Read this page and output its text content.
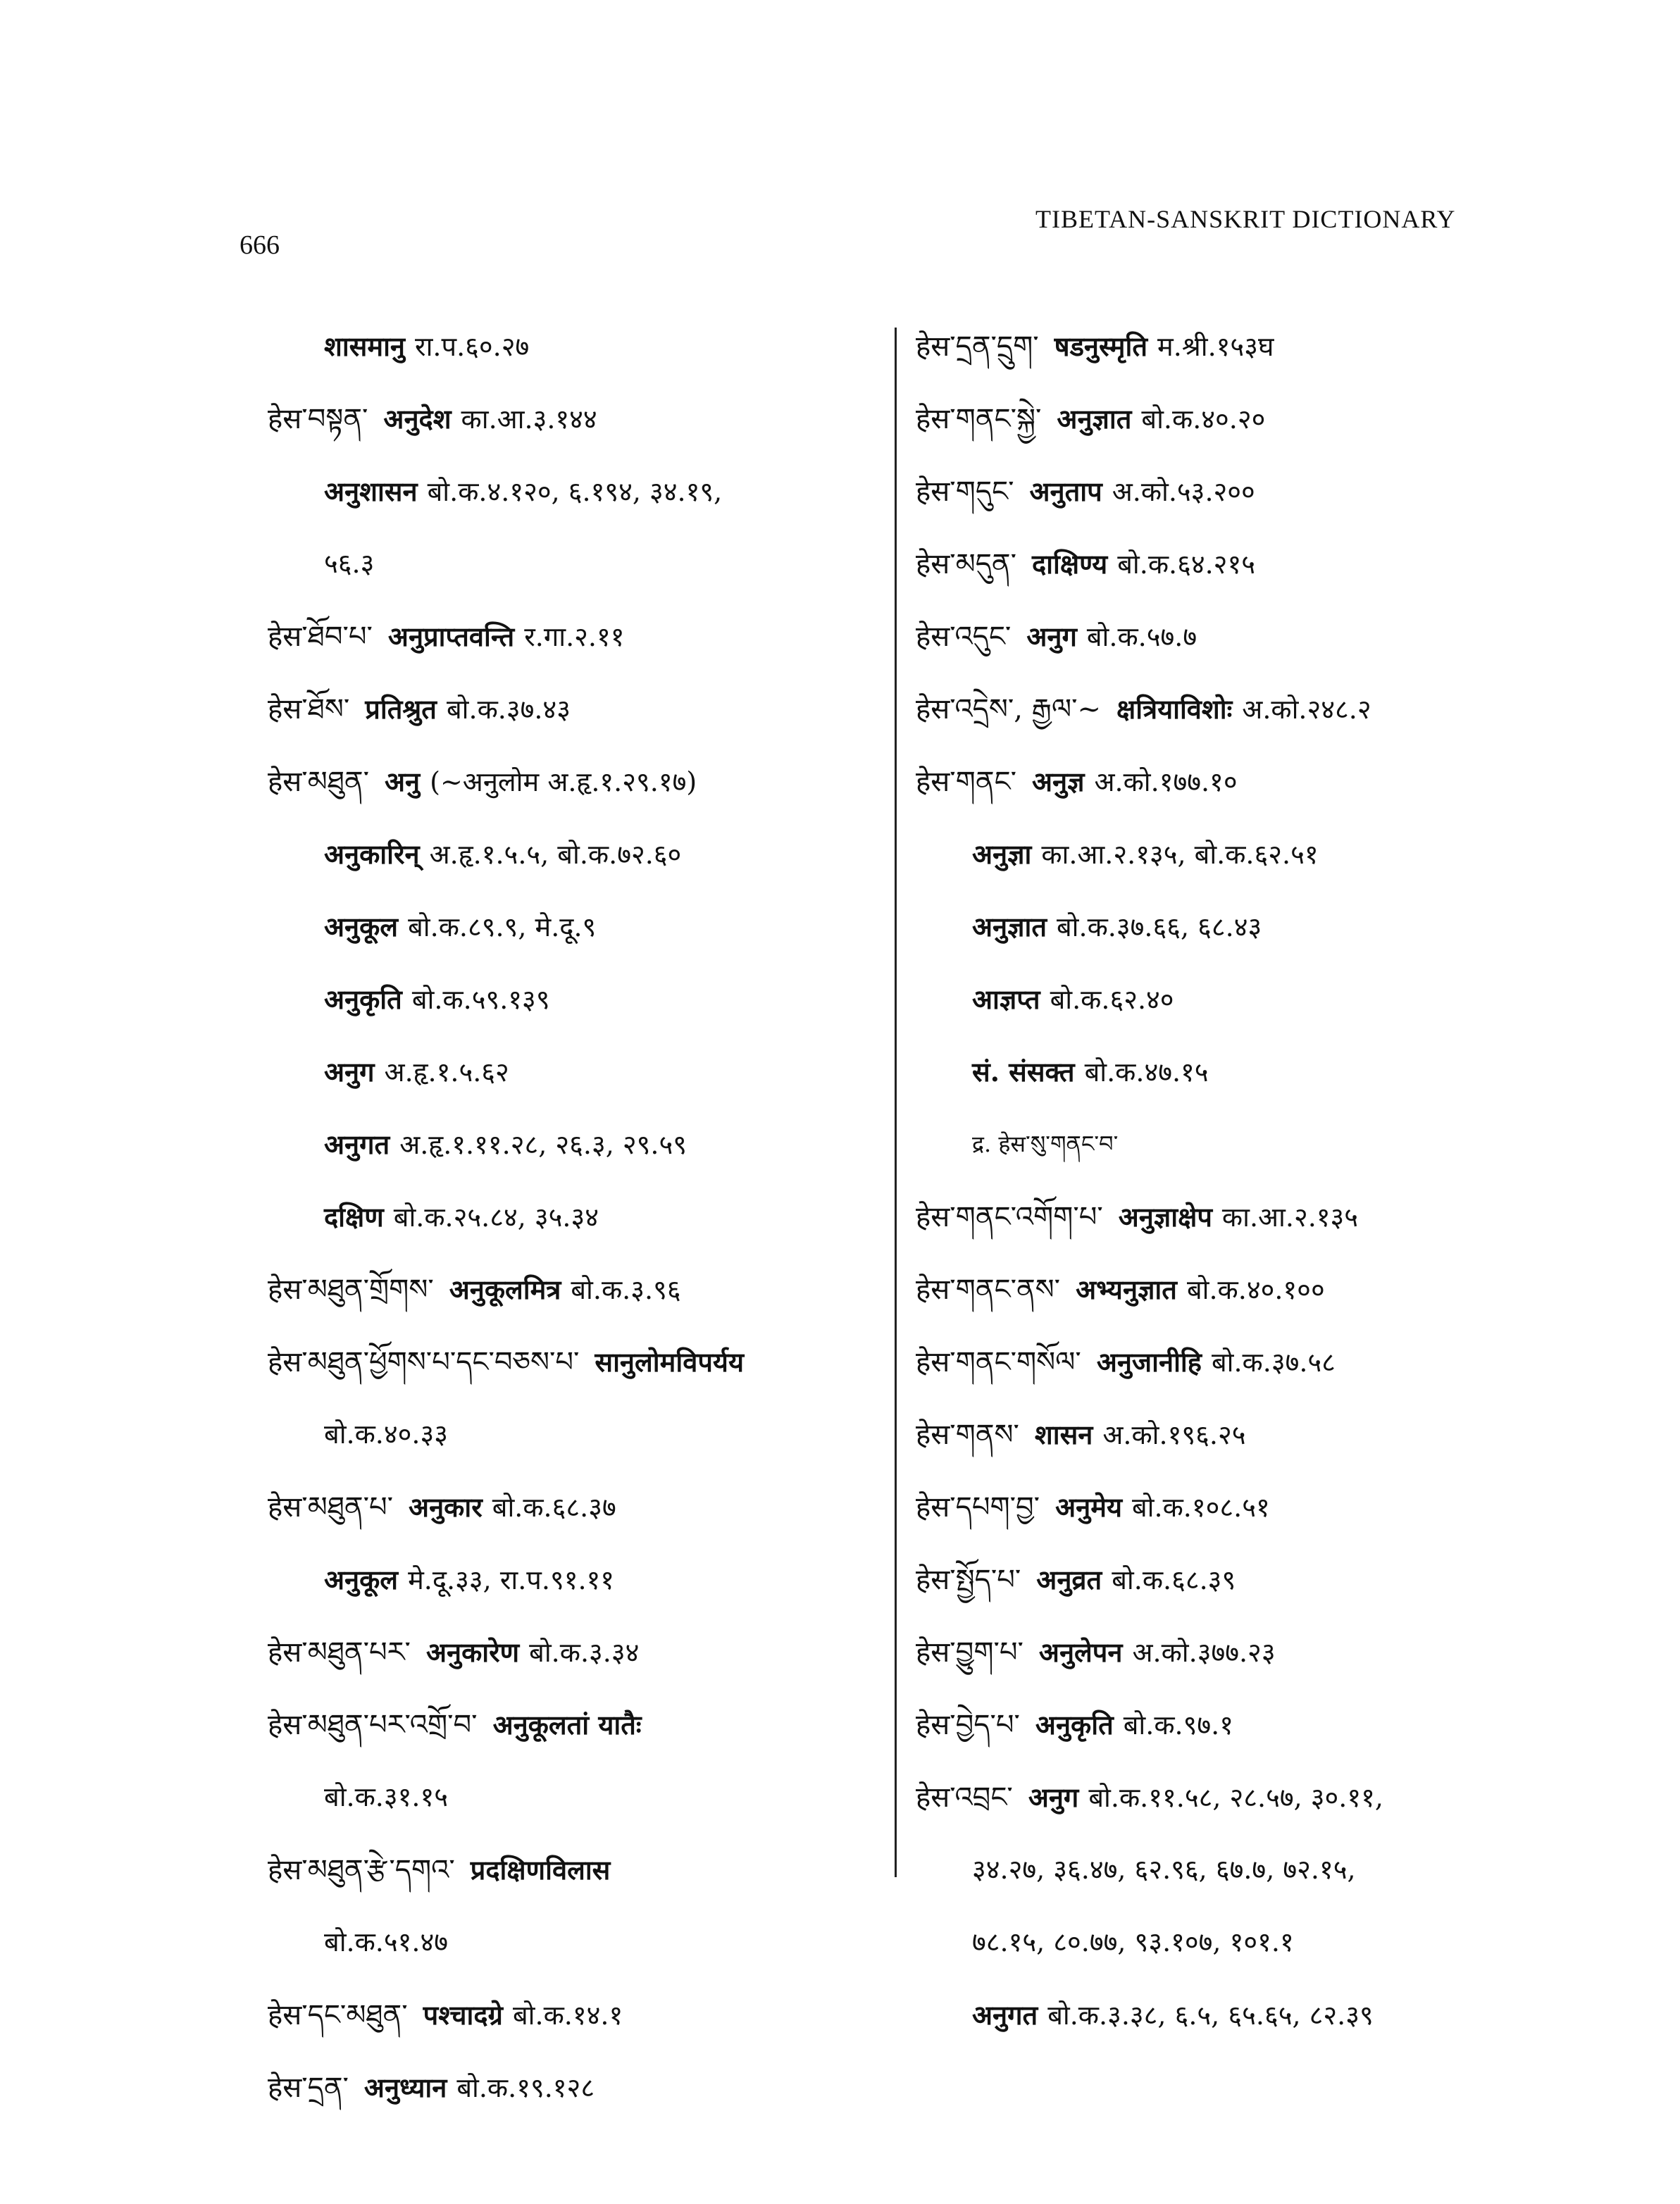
666
TIBETAN-SANSKRIT DICTIONARY
शासमानु रा.प.६०.२७
हेस་བསྟན་ अनुदेश का.आ.३.१४४
अनुशासन बो.क.४.१२०, ६.१९४, ३४.१९,
५६.३
हेस་ཐོབ་པ་ अनुप्राप्तवन्ति र.गा.२.११
हेस་ཐོས་ प्रतिश्रुत बो.क.३७.४३
हेस་མཐུན་ अनु (~अनुलोम अ.हृ.१.२९.१७)
अनुकारिन् अ.हृ.१.५.५, बो.क.७२.६०
अनुकूल बो.क.८९.९, मे.दू.९
अनुकृति बो.क.५९.१३९
अनुग अ.हृ.१.५.६२
अनुगत अ.हृ.१.११.२८, २६.३, २९.५९
दक्षिण बो.क.२५.८४, ३५.३४
हेस་མཐུན་གྲོགས་ अनुकूलमित्र बो.क.३.९६
हेस་མཐུན་ཕྱོགས་པ་དང་བཅས་པ་ सानुलोमविपर्यय
बो.क.४०.३३
हेस་མཐུན་པ་ अनुकार बो.क.६८.३७
अनुकूल मे.दू.३३, रा.प.९१.११
हेस་མཐུན་པར་ अनुकारेण बो.क.३.३४
हेस་མཐུན་པར་འགྲོ་བ་ अनुकूलतां यातैः
बो.क.३१.१५
हेस་མཐུན་རྩེ་དགའ་ प्रदक्षिणविलास
बो.क.५१.४७
हेस་དང་མཐུན་ पश्चादग्रे बो.क.१४.१
हेस་དྲན་ अनुध्यान बो.क.१९.१२८
हेस་དྲན་དྲུག་ षडनुस्मृति म.श्री.१५३घ
हेस་གནང་སྐྱེ་ अनुज्ञात बो.क.४०.२०
हेस་གདུང་ अनुताप अ.को.५३.२००
हेस་མདུན་ दाक्षिण्य बो.क.६४.२१५
हेस་འདུང་ अनुग बो.क.५७.७
हेस་འདྲེས་, རྒྱལ་~ क्षत्रियाविशोः अ.को.२४८.२
हेस་གནང་ अनुज्ञ अ.को.१७७.१०
अनुज्ञा का.आ.२.१३५, बो.क.६२.५१
अनुज्ञात बो.क.३७.६६, ६८.४३
आज्ञप्त बो.क.६२.४०
सं. संसक्त बो.क.४७.१५
द्र. हेस་སུ་གནང་བ་
हेस་གནང་འགོག་པ་ अनुज्ञाक्षेप का.आ.२.१३५
हेस་གནང་ནས་ अभ्यनुज्ञात बो.क.४०.१००
हेस་གནང་གསོལ་ अनुजानीहि बो.क.३७.५८
हेस་གནས་ शासन अ.को.१९६.२५
हेस་དཔག་བྱ་ अनुमेय बो.क.१०८.५१
हेस་སྤྱོད་པ་ अनुव्रत बो.क.६८.३९
हेस་བྱུག་པ་ अनुलेपन अ.को.३७७.२३
हेस་བྱེད་པ་ अनुकृति बो.क.९७.१
हेस་འབྲང་ अनुग बो.क.११.५८, २८.५७, ३०.११,
३४.२७, ३६.४७, ६२.९६, ६७.७, ७२.१५,
७८.१५, ८०.७७, ९३.१०७, १०१.१
अनुगत बो.क.३.३८, ६.५, ६५.६५, ८२.३९
